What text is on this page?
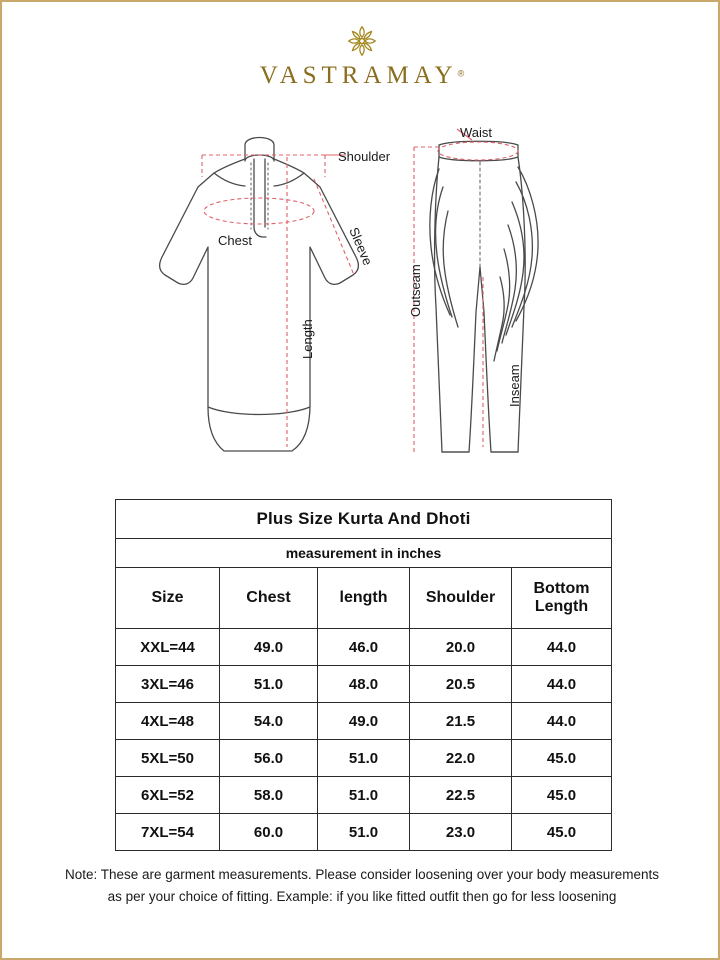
VASTRAMAY®
Shoulder
Chest	Sleeve
Length
Waist
Outseam
Inseam
Plus Size Kurta And Dhoti				
measurement in inches				
Size	Chest	length	Shoulder	Bottom Length
XXL=44	49.0	46.0	20.0	44.0
3XL=46	51.0	48.0	20.5	44.0
4XL=48	54.0	49.0	21.5	44.0
5XL=50	56.0	51.0	22.0	45.0
6XL=52	58.0	51.0	22.5	45.0
7XL=54	60.0	51.0	23.0	45.0
Note: These are garment measurements. Please consider loosening over your body measurements
as per your choice of fitting. Example: if you like fitted outfit then go for less loosening
